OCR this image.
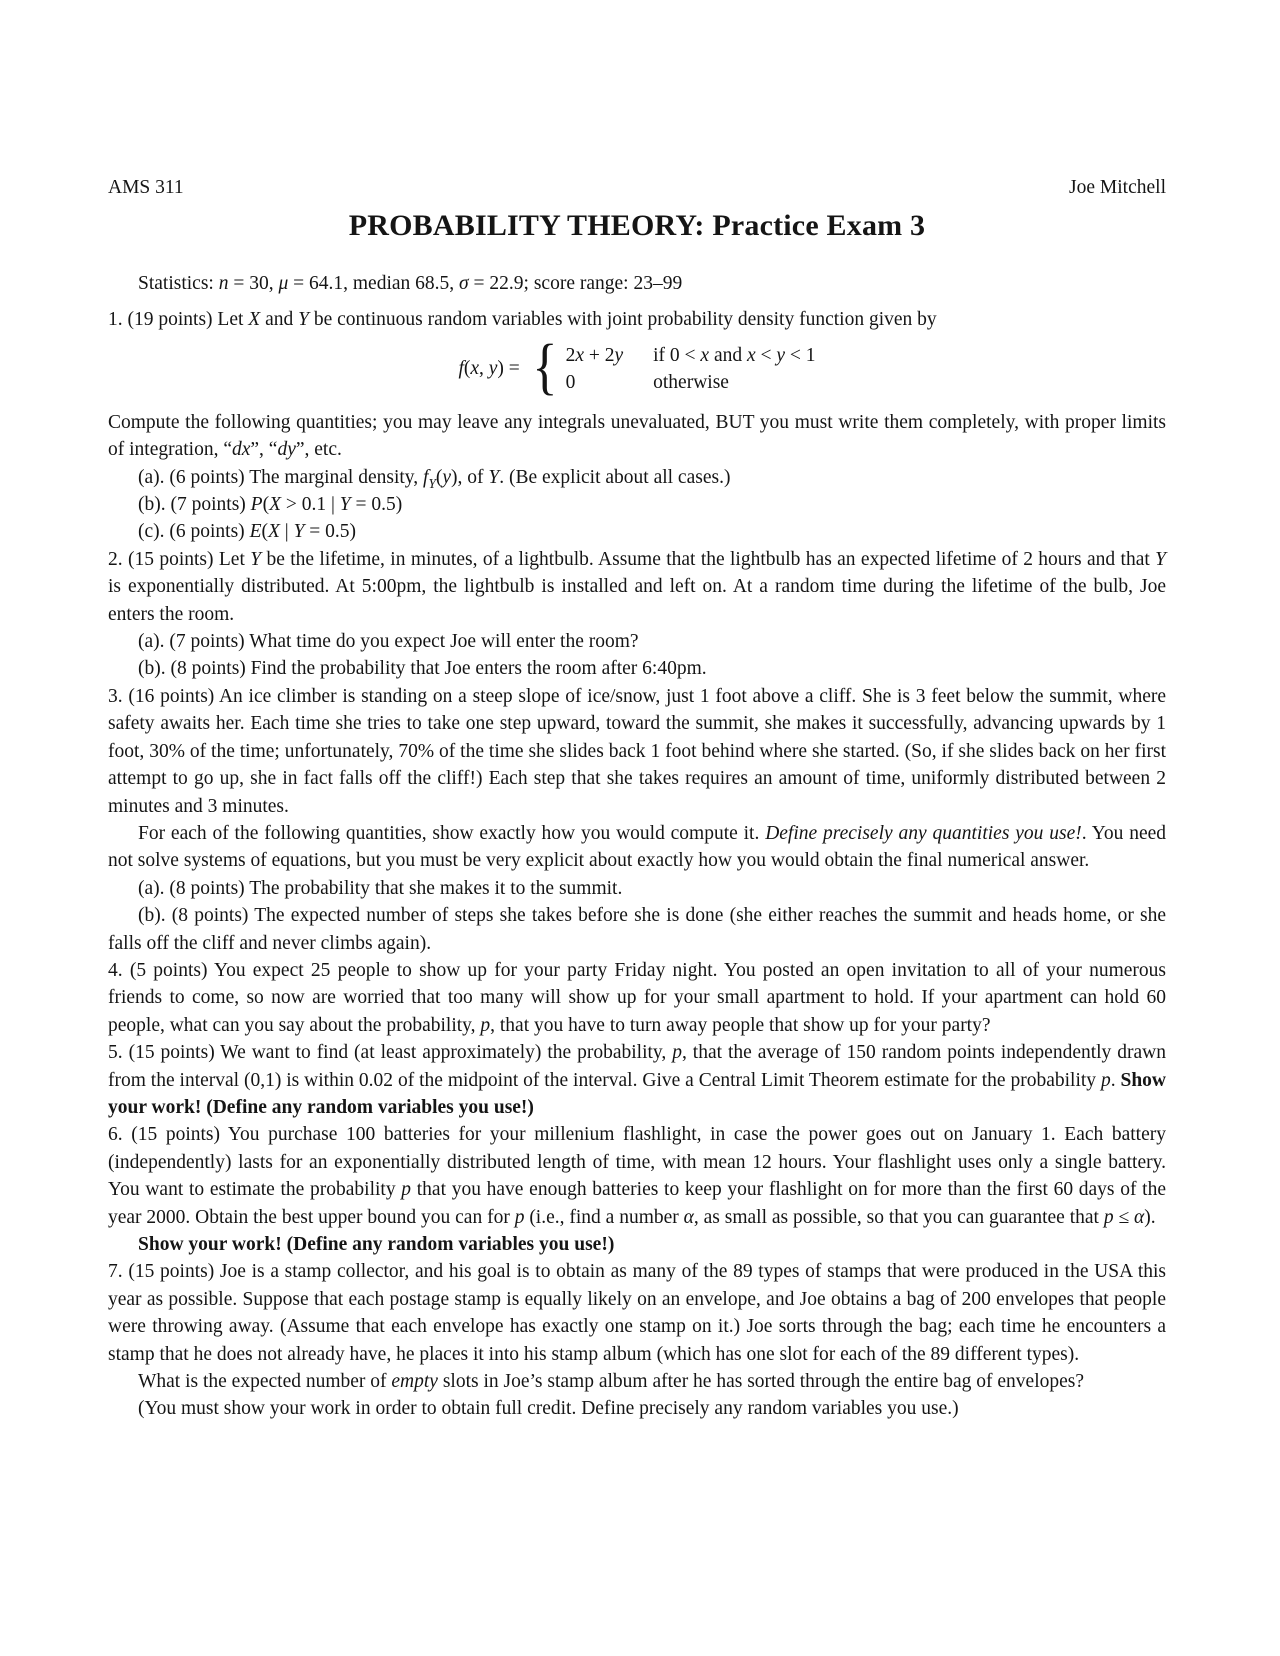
AMS 311	Joe Mitchell
PROBABILITY THEORY: Practice Exam 3

Statistics: n = 30, μ = 64.1, median 68.5, σ = 22.9; score range: 23–99

1. (19 points) Let X and Y be continuous random variables with joint probability density function given by

f(x, y) = { 2x + 2y if 0 < x and x < y < 1
0	otherwise

Compute the following quantities; you may leave any integrals unevaluated, BUT you must write them completely, with proper limits of integration, “dx”, “dy”, etc.

(a). (6 points) The marginal density, $f_Y(y)$, of Y. (Be explicit about all cases.)

(b). (7 points) P(X > 0.1 | Y = 0.5)

(c). (6 points) E(X | Y = 0.5)

2. (15 points) Let Y be the lifetime, in minutes, of a lightbulb. Assume that the lightbulb has an expected lifetime of 2 hours and that Y is exponentially distributed. At 5:00pm, the lightbulb is installed and left on. At a random time during the lifetime of the bulb, Joe enters the room.

(a). (7 points) What time do you expect Joe will enter the room?

(b). (8 points) Find the probability that Joe enters the room after 6:40pm.

3. (16 points) An ice climber is standing on a steep slope of ice/snow, just 1 foot above a cliff. She is 3 feet below the summit, where safety awaits her. Each time she tries to take one step upward, toward the summit, she makes it successfully, advancing upwards by 1 foot, 30% of the time; unfortunately, 70% of the time she slides back 1 foot behind where she started. (So, if she slides back on her first attempt to go up, she in fact falls off the cliff!) Each step that she takes requires an amount of time, uniformly distributed between 2 minutes and 3 minutes.

For each of the following quantities, show exactly how you would compute it. Define precisely any quantities you use!. You need not solve systems of equations, but you must be very explicit about exactly how you would obtain the final numerical answer.

(a). (8 points) The probability that she makes it to the summit.

(b). (8 points) The expected number of steps she takes before she is done (she either reaches the summit and heads home, or she falls off the cliff and never climbs again).

4. (5 points) You expect 25 people to show up for your party Friday night. You posted an open invitation to all of your numerous friends to come, so now are worried that too many will show up for your small apartment to hold. If your apartment can hold 60 people, what can you say about the probability, p, that you have to turn away people that show up for your party?

5. (15 points) We want to find (at least approximately) the probability, p, that the average of 150 random points independently drawn from the interval (0,1) is within 0.02 of the midpoint of the interval. Give a Central Limit Theorem estimate for the probability p. Show your work! (Define any random variables you use!)

6. (15 points) You purchase 100 batteries for your millenium flashlight, in case the power goes out on January 1. Each battery (independently) lasts for an exponentially distributed length of time, with mean 12 hours. Your flashlight uses only a single battery. You want to estimate the probability p that you have enough batteries to keep your flashlight on for more than the first 60 days of the year 2000. Obtain the best upper bound you can for p (i.e., find a number α, as small as possible, so that you can guarantee that p ≤ α).

Show your work! (Define any random variables you use!)

7. (15 points) Joe is a stamp collector, and his goal is to obtain as many of the 89 types of stamps that were produced in the USA this year as possible. Suppose that each postage stamp is equally likely on an envelope, and Joe obtains a bag of 200 envelopes that people were throwing away. (Assume that each envelope has exactly one stamp on it.) Joe sorts through the bag; each time he encounters a stamp that he does not already have, he places it into his stamp album (which has one slot for each of the 89 different types).

What is the expected number of empty slots in Joe’s stamp album after he has sorted through the entire bag of envelopes?

(You must show your work in order to obtain full credit. Define precisely any random variables you use.)
